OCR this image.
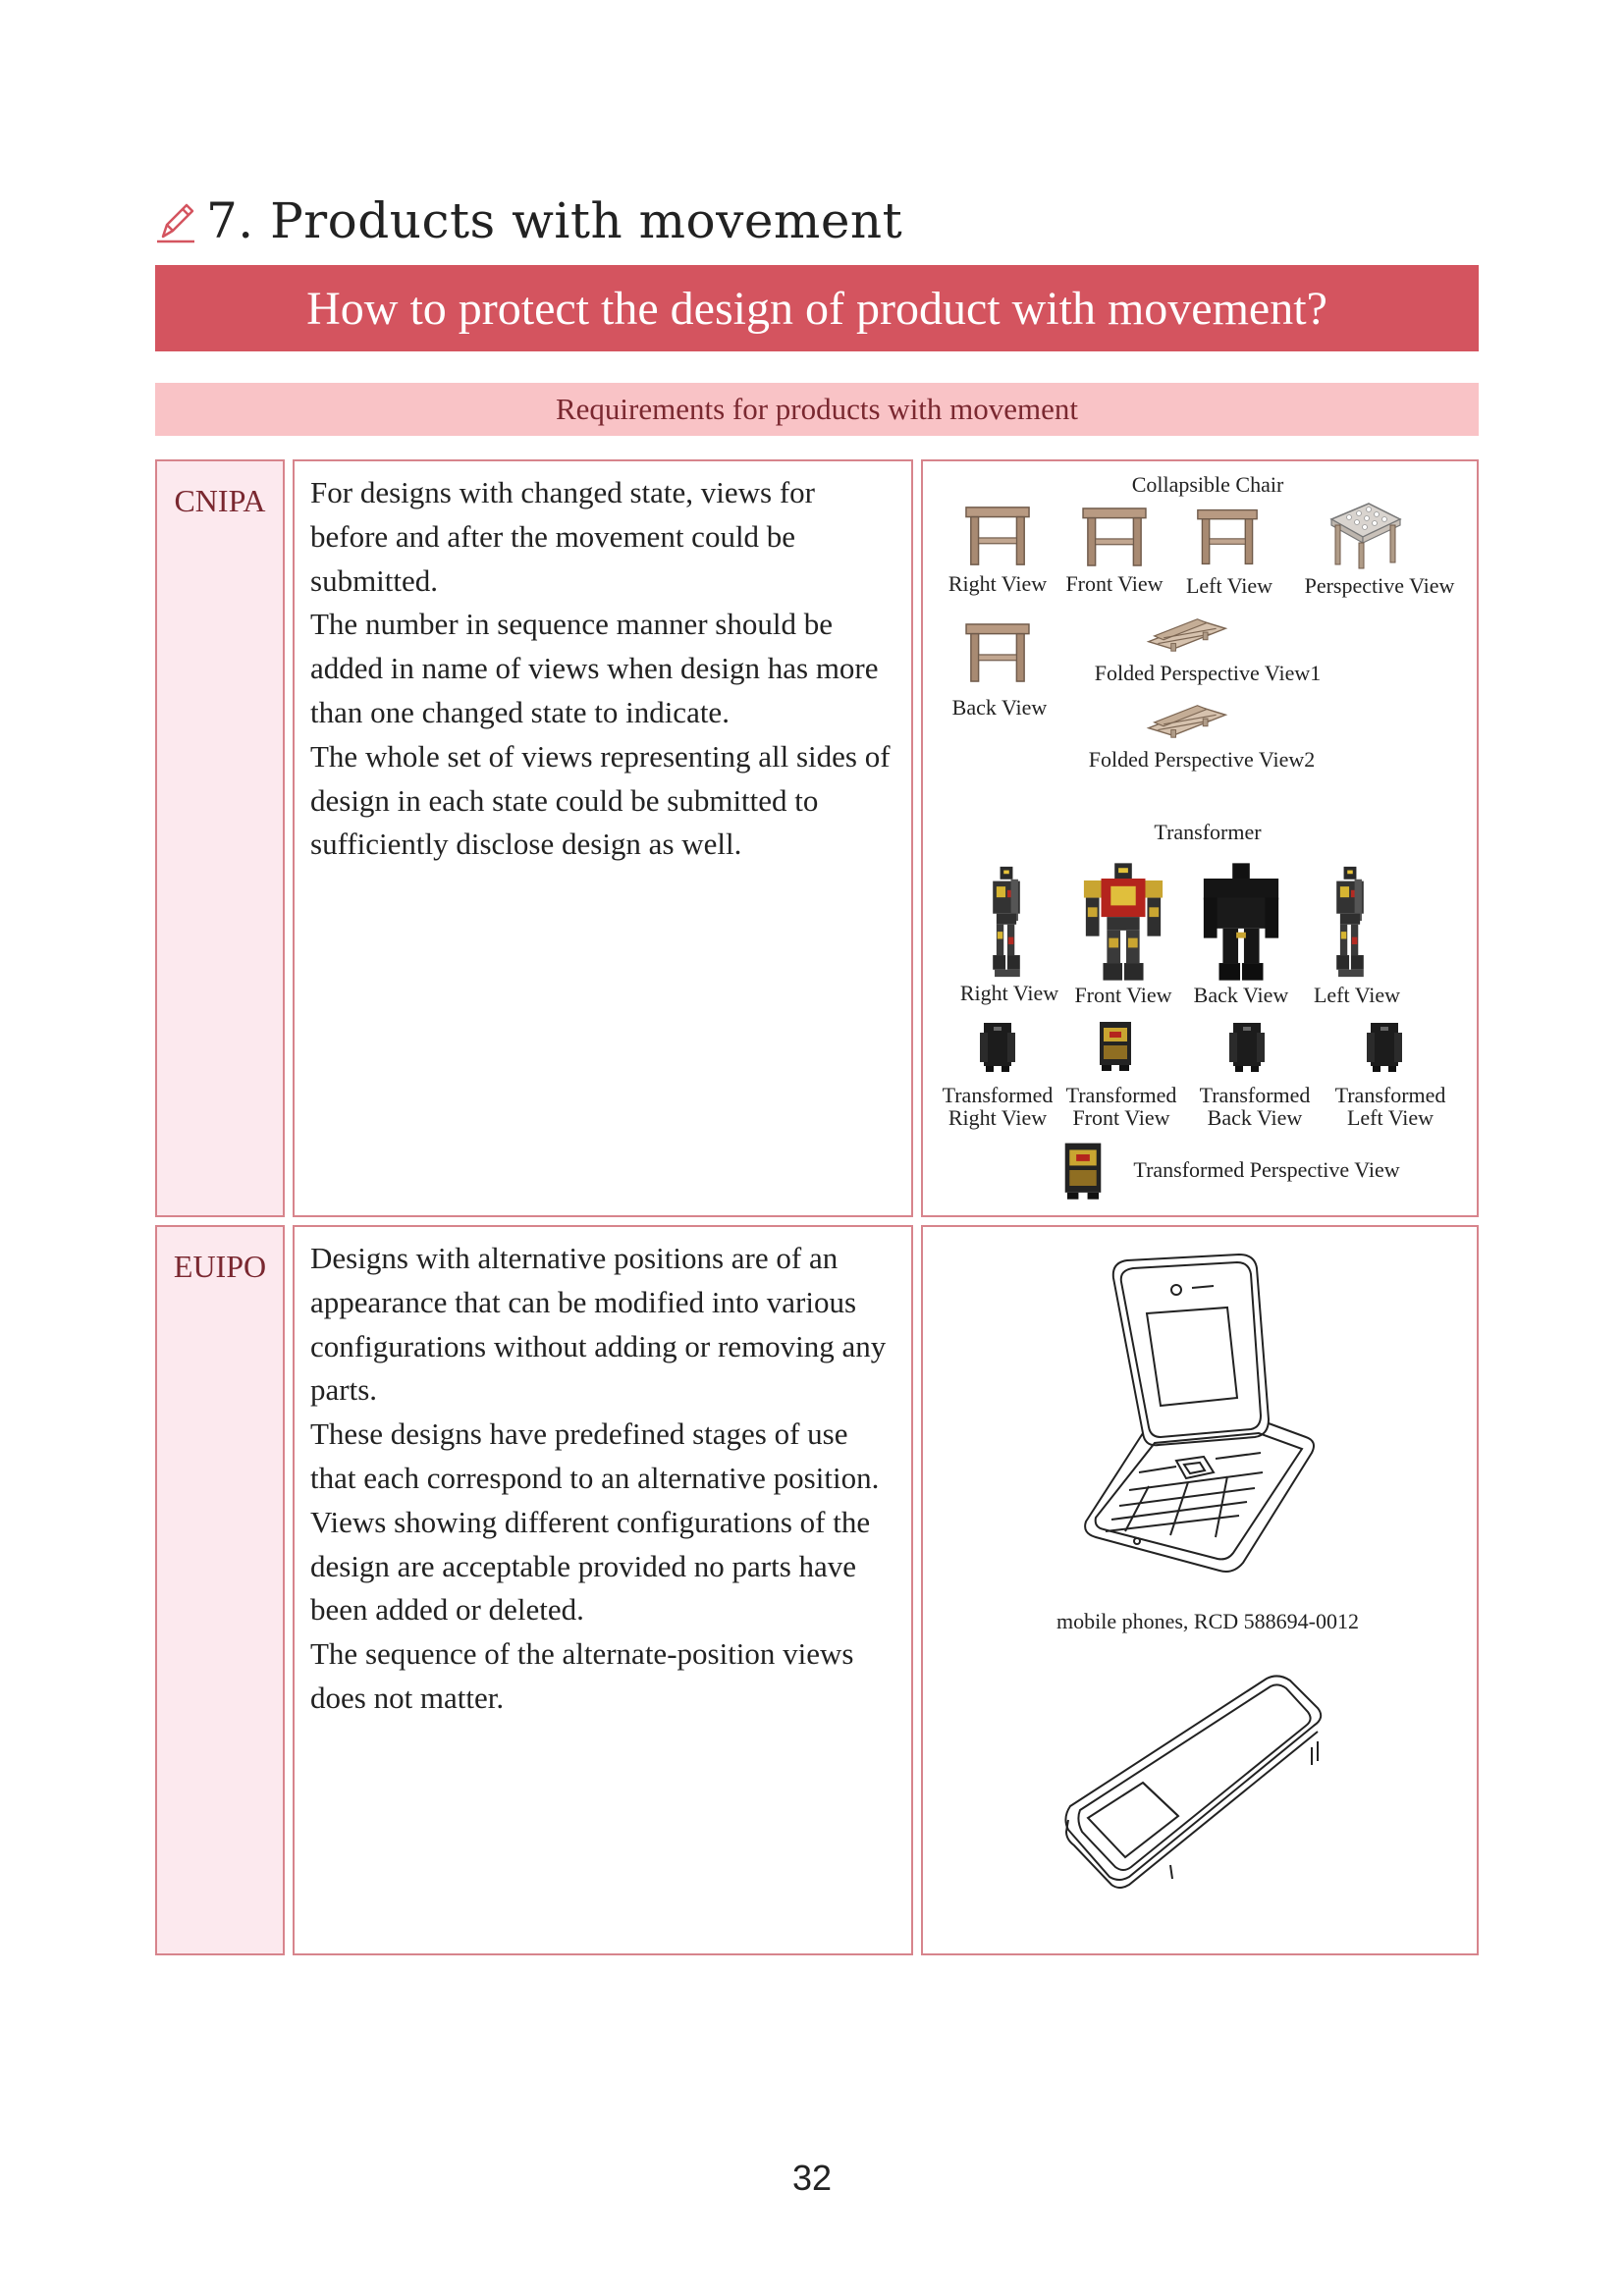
7. Products with movement
How to protect the design of product with movement?
Requirements for products with movement
CNIPA	For designs with changed state, views for before and after the movement could be submitted.

The number in sequence manner should be added in name of views when design has more than one changed state to indicate.

The whole set of views representing all sides of design in each state could be submitted to sufficiently disclose design as well.

Collapsible Chair
Right View Front View	Left View	Perspective View
Back View
Folded Perspective View1
Folded Perspective View2
Transformer
Right View Front View	Back View	Left View
Transformed
Right View
Transformed
Front View
Transformed
Back View
Transformed
Left View
Transformed Perspective View
EUIPO	Designs with alternative positions are of an appearance that can be modified into various configurations without adding or removing any parts.

These designs have predefined stages of use that each correspond to an alternative position.

Views showing different configurations of the design are acceptable provided no parts have been added or deleted.

The sequence of the alternate-position views does not matter.

mobile phones, RCD 588694-0012
32
